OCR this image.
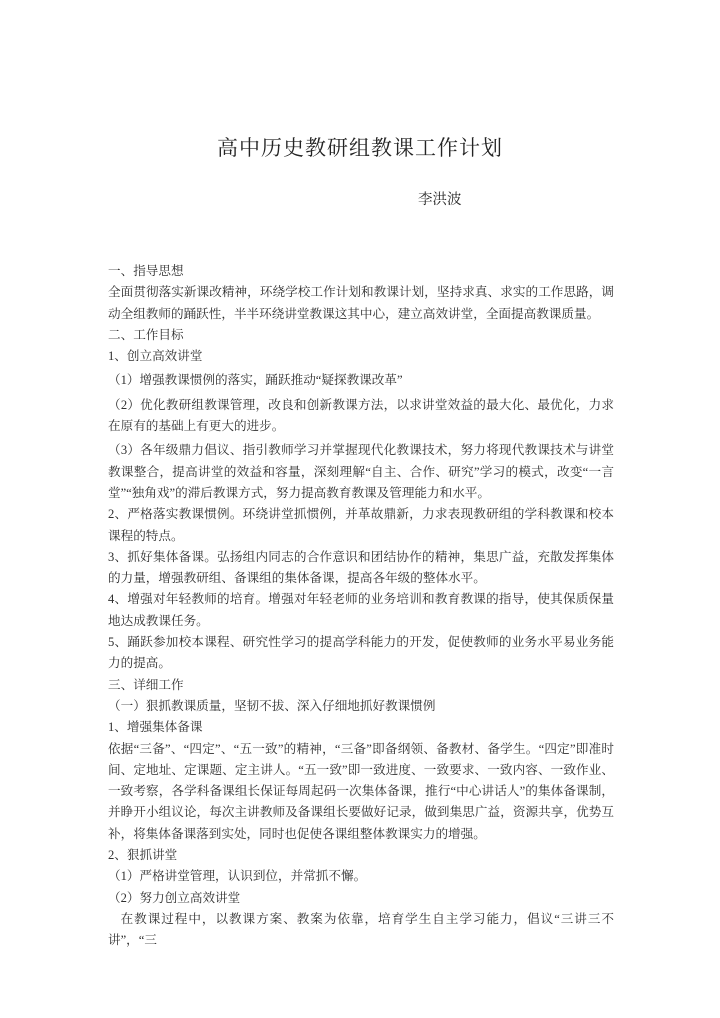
高中历史教研组教课工作计划
李洪波
一、指导思想
全面贯彻落实新课改精神，环绕学校工作计划和教课计划，坚持求真、求实的工作思路，调动全组教师的踊跃性，半半环绕讲堂教课这其中心，建立高效讲堂，全面提高教课质量。
二、工作目标
1、创立高效讲堂
（1）增强教课惯例的落实，踊跃推动“疑探教课改革”
（2）优化教研组教课管理，改良和创新教课方法，以求讲堂效益的最大化、最优化，力求在原有的基础上有更大的进步。
（3）各年级鼎力倡议、指引教师学习并掌握现代化教课技术，努力将现代教课技术与讲堂教课整合，提高讲堂的效益和容量，深刻理解“自主、合作、研究”学习的模式，改变“一言堂”“独角戏”的滞后教课方式，努力提高教育教课及管理能力和水平。
2、严格落实教课惯例。环绕讲堂抓惯例，并革故鼎新，力求表现教研组的学科教课和校本课程的特点。
3、抓好集体备课。弘扬组内同志的合作意识和团结协作的精神，集思广益，充散发挥集体的力量，增强教研组、备课组的集体备课，提高各年级的整体水平。
4、增强对年轻教师的培育。增强对年轻老师的业务培训和教育教课的指导，使其保质保量地达成教课任务。
5、踊跃参加校本课程、研究性学习的提高学科能力的开发，促使教师的业务水平易业务能力的提高。
三、详细工作
（一）狠抓教课质量，坚韧不拔、深入仔细地抓好教课惯例
1、增强集体备课
依据“三备”、“四定”、“五一致”的精神，“三备”即备纲领、备教材、备学生。“四定”即准时间、定地址、定课题、定主讲人。“五一致”即一致进度、一致要求、一致内容、一致作业、一致考察，各学科备课组长保证每周起码一次集体备课，推行“中心讲话人”的集体备课制，并睁开小组议论，每次主讲教师及备课组长要做好记录，做到集思广益，资源共享，优势互补，将集体备课落到实处，同时也促使各课组整体教课实力的增强。
2、狠抓讲堂
（1）严格讲堂管理，认识到位，并常抓不懈。
（2）努力创立高效讲堂
在教课过程中，以教课方案、教案为依靠，培育学生自主学习能力，倡议“三讲三不讲”，“三
